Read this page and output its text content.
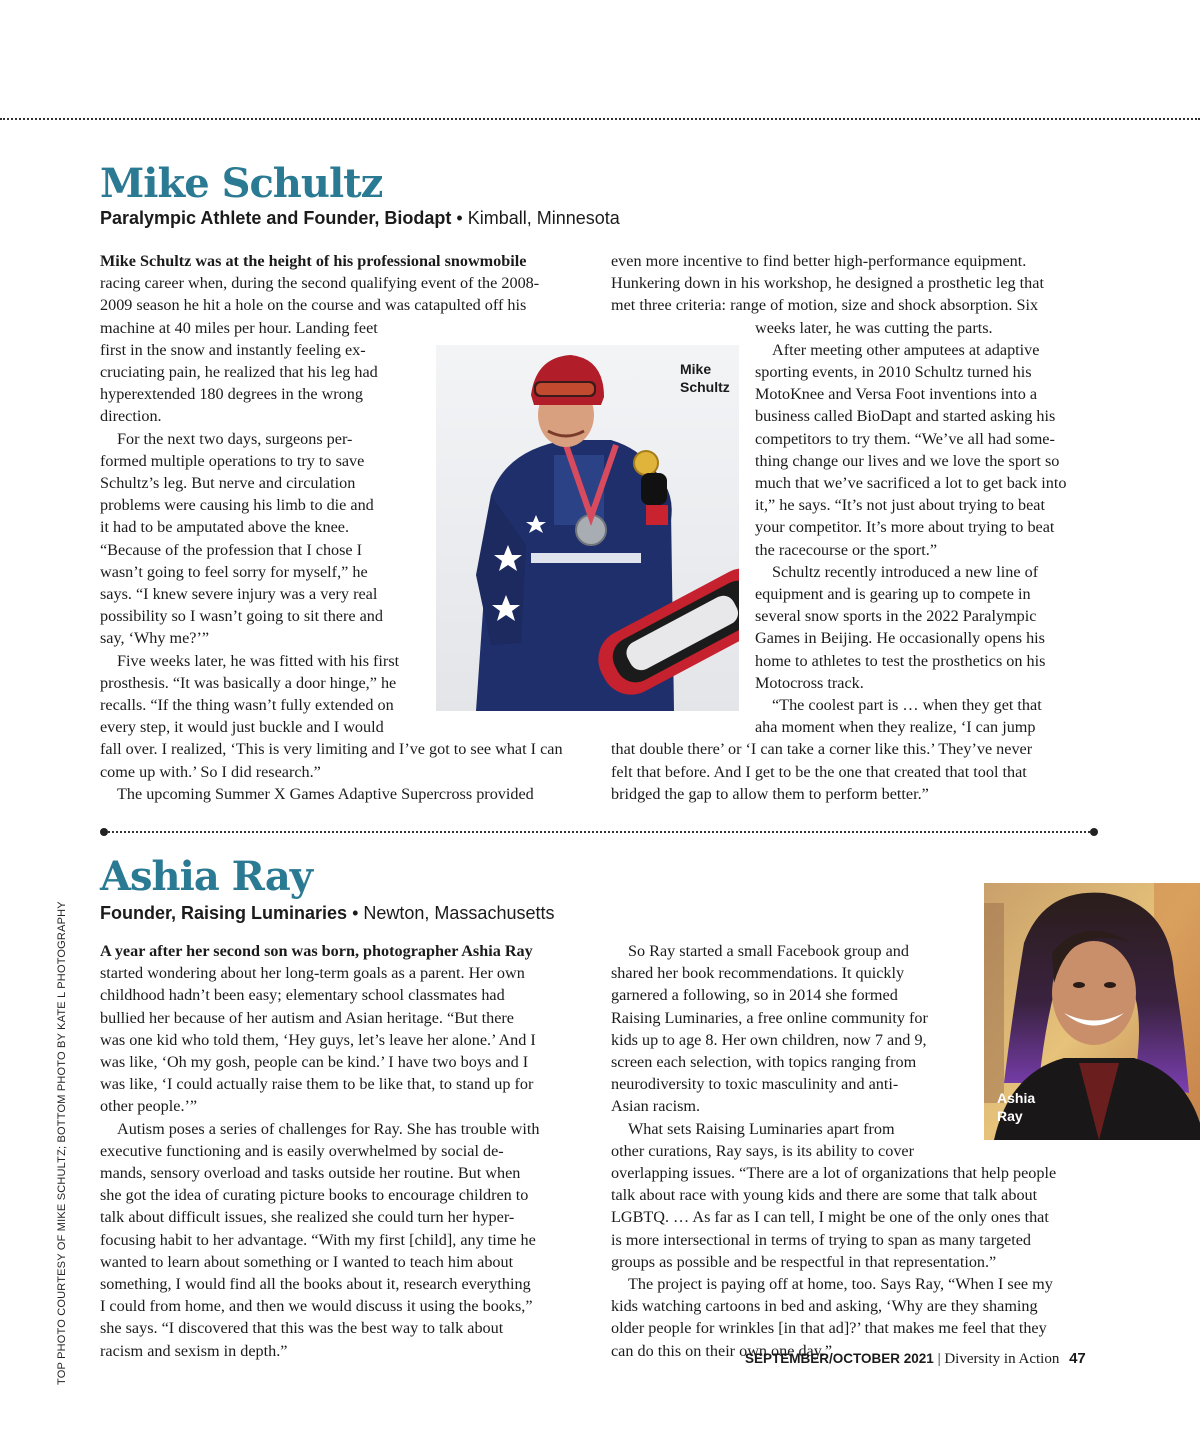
Mike Schultz
Paralympic Athlete and Founder, Biodapt • Kimball, Minnesota
Mike
Schultz

Mike Schultz was at the height of his professional snowmobile

racing career when, during the second qualifying event of the 2008-

2009 season he hit a hole on the course and was catapulted off his

machine at 40 miles per hour. Landing feet

first in the snow and instantly feeling ex-

cruciating pain, he realized that his leg had

hyperextended 180 degrees in the wrong

direction.

For the next two days, surgeons per-

formed multiple operations to try to save

Schultz’s leg. But nerve and circulation

problems were causing his limb to die and

it had to be amputated above the knee.

“Because of the profession that I chose I

wasn’t going to feel sorry for myself,” he

says. “I knew severe injury was a very real

possibility so I wasn’t going to sit there and

say, ‘Why me?’”

Five weeks later, he was fitted with his first

prosthesis. “It was basically a door hinge,” he

recalls. “If the thing wasn’t fully extended on

every step, it would just buckle and I would

fall over. I realized, ‘This is very limiting and I’ve got to see what I can

come up with.’ So I did research.”

The upcoming Summer X Games Adaptive Supercross provided

even more incentive to find better high-performance equipment.

Hunkering down in his workshop, he designed a prosthetic leg that

met three criteria: range of motion, size and shock absorption. Six

weeks later, he was cutting the parts.

After meeting other amputees at adaptive

sporting events, in 2010 Schultz turned his

MotoKnee and Versa Foot inventions into a

business called BioDapt and started asking his

competitors to try them. “We’ve all had some-

thing change our lives and we love the sport so

much that we’ve sacrificed a lot to get back into

it,” he says. “It’s not just about trying to beat

your competitor. It’s more about trying to beat

the racecourse or the sport.”

Schultz recently introduced a new line of

equipment and is gearing up to compete in

several snow sports in the 2022 Paralympic

Games in Beijing. He occasionally opens his

home to athletes to test the prosthetics on his

Motocross track.

“The coolest part is … when they get that

aha moment when they realize, ‘I can jump

that double there’ or ‘I can take a corner like this.’ They’ve never

felt that before. And I get to be the one that created that tool that

bridged the gap to allow them to perform better.”

TOP PHOTO COURTESY OF MIKE SCHULTZ; BOTTOM PHOTO BY KATE L PHOTOGRAPHY
Ashia Ray
Founder, Raising Luminaries • Newton, Massachusetts
Ashia
Ray

A year after her second son was born, photographer Ashia Ray

started wondering about her long-term goals as a parent. Her own

childhood hadn’t been easy; elementary school classmates had

bullied her because of her autism and Asian heritage. “But there

was one kid who told them, ‘Hey guys, let’s leave her alone.’ And I

was like, ‘Oh my gosh, people can be kind.’ I have two boys and I

was like, ‘I could actually raise them to be like that, to stand up for

other people.’”

Autism poses a series of challenges for Ray. She has trouble with

executive functioning and is easily overwhelmed by social de-

mands, sensory overload and tasks outside her routine. But when

she got the idea of curating picture books to encourage children to

talk about difficult issues, she realized she could turn her hyper-

focusing habit to her advantage. “With my first [child], any time he

wanted to learn about something or I wanted to teach him about

something, I would find all the books about it, research everything

I could from home, and then we would discuss it using the books,”

she says. “I discovered that this was the best way to talk about

racism and sexism in depth.”

So Ray started a small Facebook group and

shared her book recommendations. It quickly

garnered a following, so in 2014 she formed

Raising Luminaries, a free online community for

kids up to age 8. Her own children, now 7 and 9,

screen each selection, with topics ranging from

neurodiversity to toxic masculinity and anti-

Asian racism.

What sets Raising Luminaries apart from

other curations, Ray says, is its ability to cover

overlapping issues. “There are a lot of organizations that help people

talk about race with young kids and there are some that talk about

LGBTQ. … As far as I can tell, I might be one of the only ones that

is more intersectional in terms of trying to span as many targeted

groups as possible and be respectful in that representation.”

The project is paying off at home, too. Says Ray, “When I see my

kids watching cartoons in bed and asking, ‘Why are they shaming

older people for wrinkles [in that ad]?’ that makes me feel that they

can do this on their own one day.”

SEPTEMBER/OCTOBER 2021 | Diversity in Action 47
